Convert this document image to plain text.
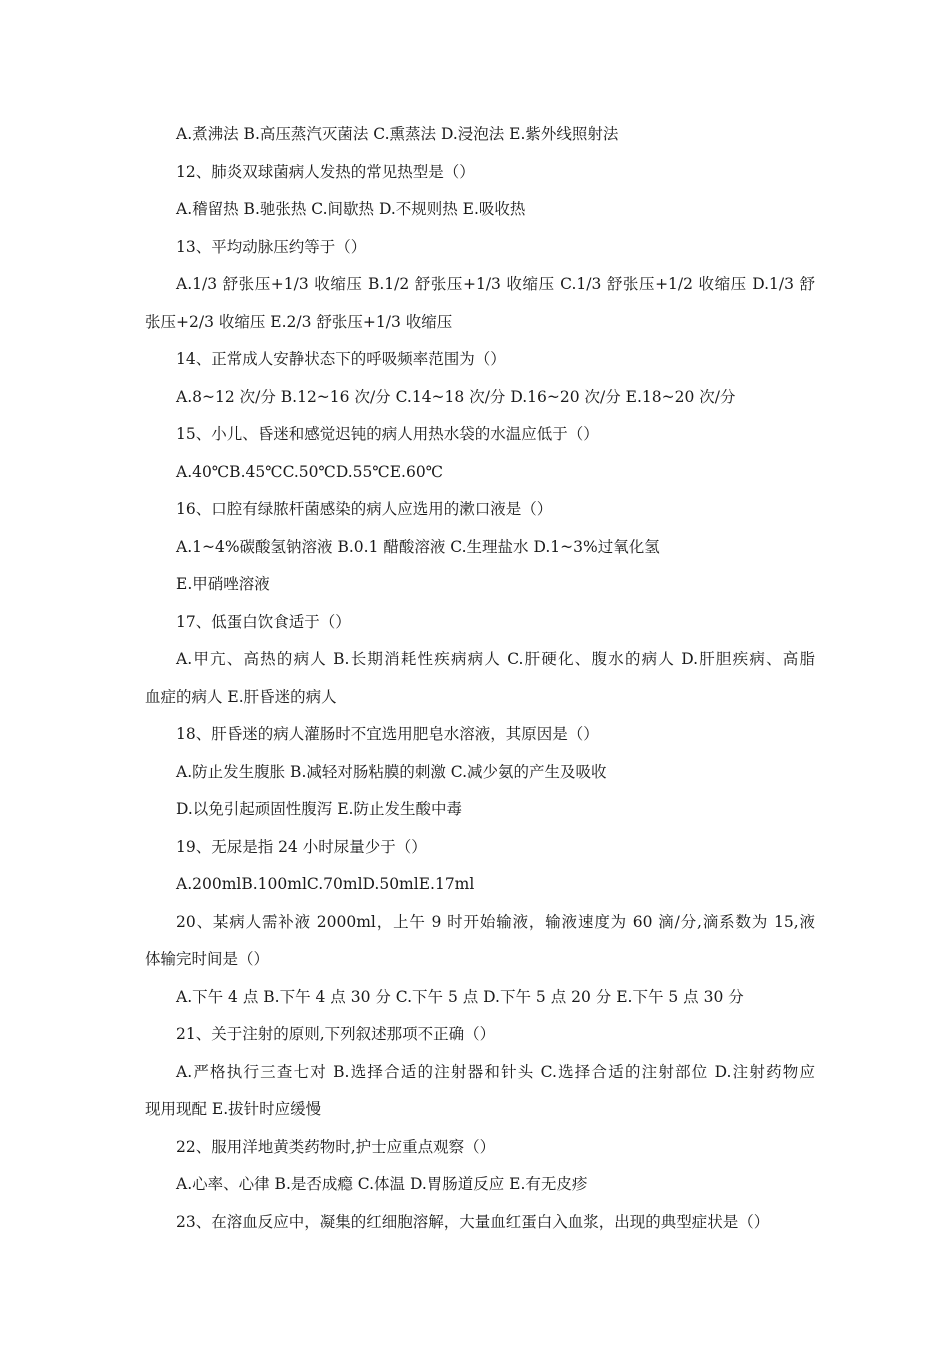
A.煮沸法 B.高压蒸汽灭菌法 C.熏蒸法 D.浸泡法 E.紫外线照射法
12、肺炎双球菌病人发热的常见热型是（）
A.稽留热 B.驰张热 C.间歇热 D.不规则热 E.吸收热
13、平均动脉压约等于（）
A.1/3 舒张压+1/3 收缩压 B.1/2 舒张压+1/3 收缩压 C.1/3 舒张压+1/2 收缩压 D.1/3 舒
张压+2/3 收缩压 E.2/3 舒张压+1/3 收缩压
14、正常成人安静状态下的呼吸频率范围为（）
A.8~12 次/分 B.12~16 次/分 C.14~18 次/分 D.16~20 次/分 E.18~20 次/分
15、小儿、昏迷和感觉迟钝的病人用热水袋的水温应低于（）
A.40℃B.45℃C.50℃D.55℃E.60℃
16、口腔有绿脓杆菌感染的病人应选用的漱口液是（）
A.1~4%碳酸氢钠溶液 B.0.1 醋酸溶液 C.生理盐水 D.1~3%过氧化氢
E.甲硝唑溶液
17、低蛋白饮食适于（）
A.甲亢、高热的病人 B.长期消耗性疾病病人 C.肝硬化、腹水的病人 D.肝胆疾病、高脂
血症的病人 E.肝昏迷的病人
18、肝昏迷的病人灌肠时不宜选用肥皂水溶液，其原因是（）
A.防止发生腹胀 B.减轻对肠粘膜的刺激 C.减少氨的产生及吸收
D.以免引起顽固性腹泻 E.防止发生酸中毒
19、无尿是指 24 小时尿量少于（）
A.200mlB.100mlC.70mlD.50mlE.17ml
20、某病人需补液 2000ml，上午 9 时开始输液，输液速度为 60 滴/分,滴系数为 15,液
体输完时间是（）
A.下午 4 点 B.下午 4 点 30 分 C.下午 5 点 D.下午 5 点 20 分 E.下午 5 点 30 分
21、关于注射的原则,下列叙述那项不正确（）
A.严格执行三查七对 B.选择合适的注射器和针头 C.选择合适的注射部位 D.注射药物应
现用现配 E.拔针时应缓慢
22、服用洋地黄类药物时,护士应重点观察（）
A.心率、心律 B.是否成瘾 C.体温 D.胃肠道反应 E.有无皮疹
23、在溶血反应中，凝集的红细胞溶解，大量血红蛋白入血浆，出现的典型症状是（）
